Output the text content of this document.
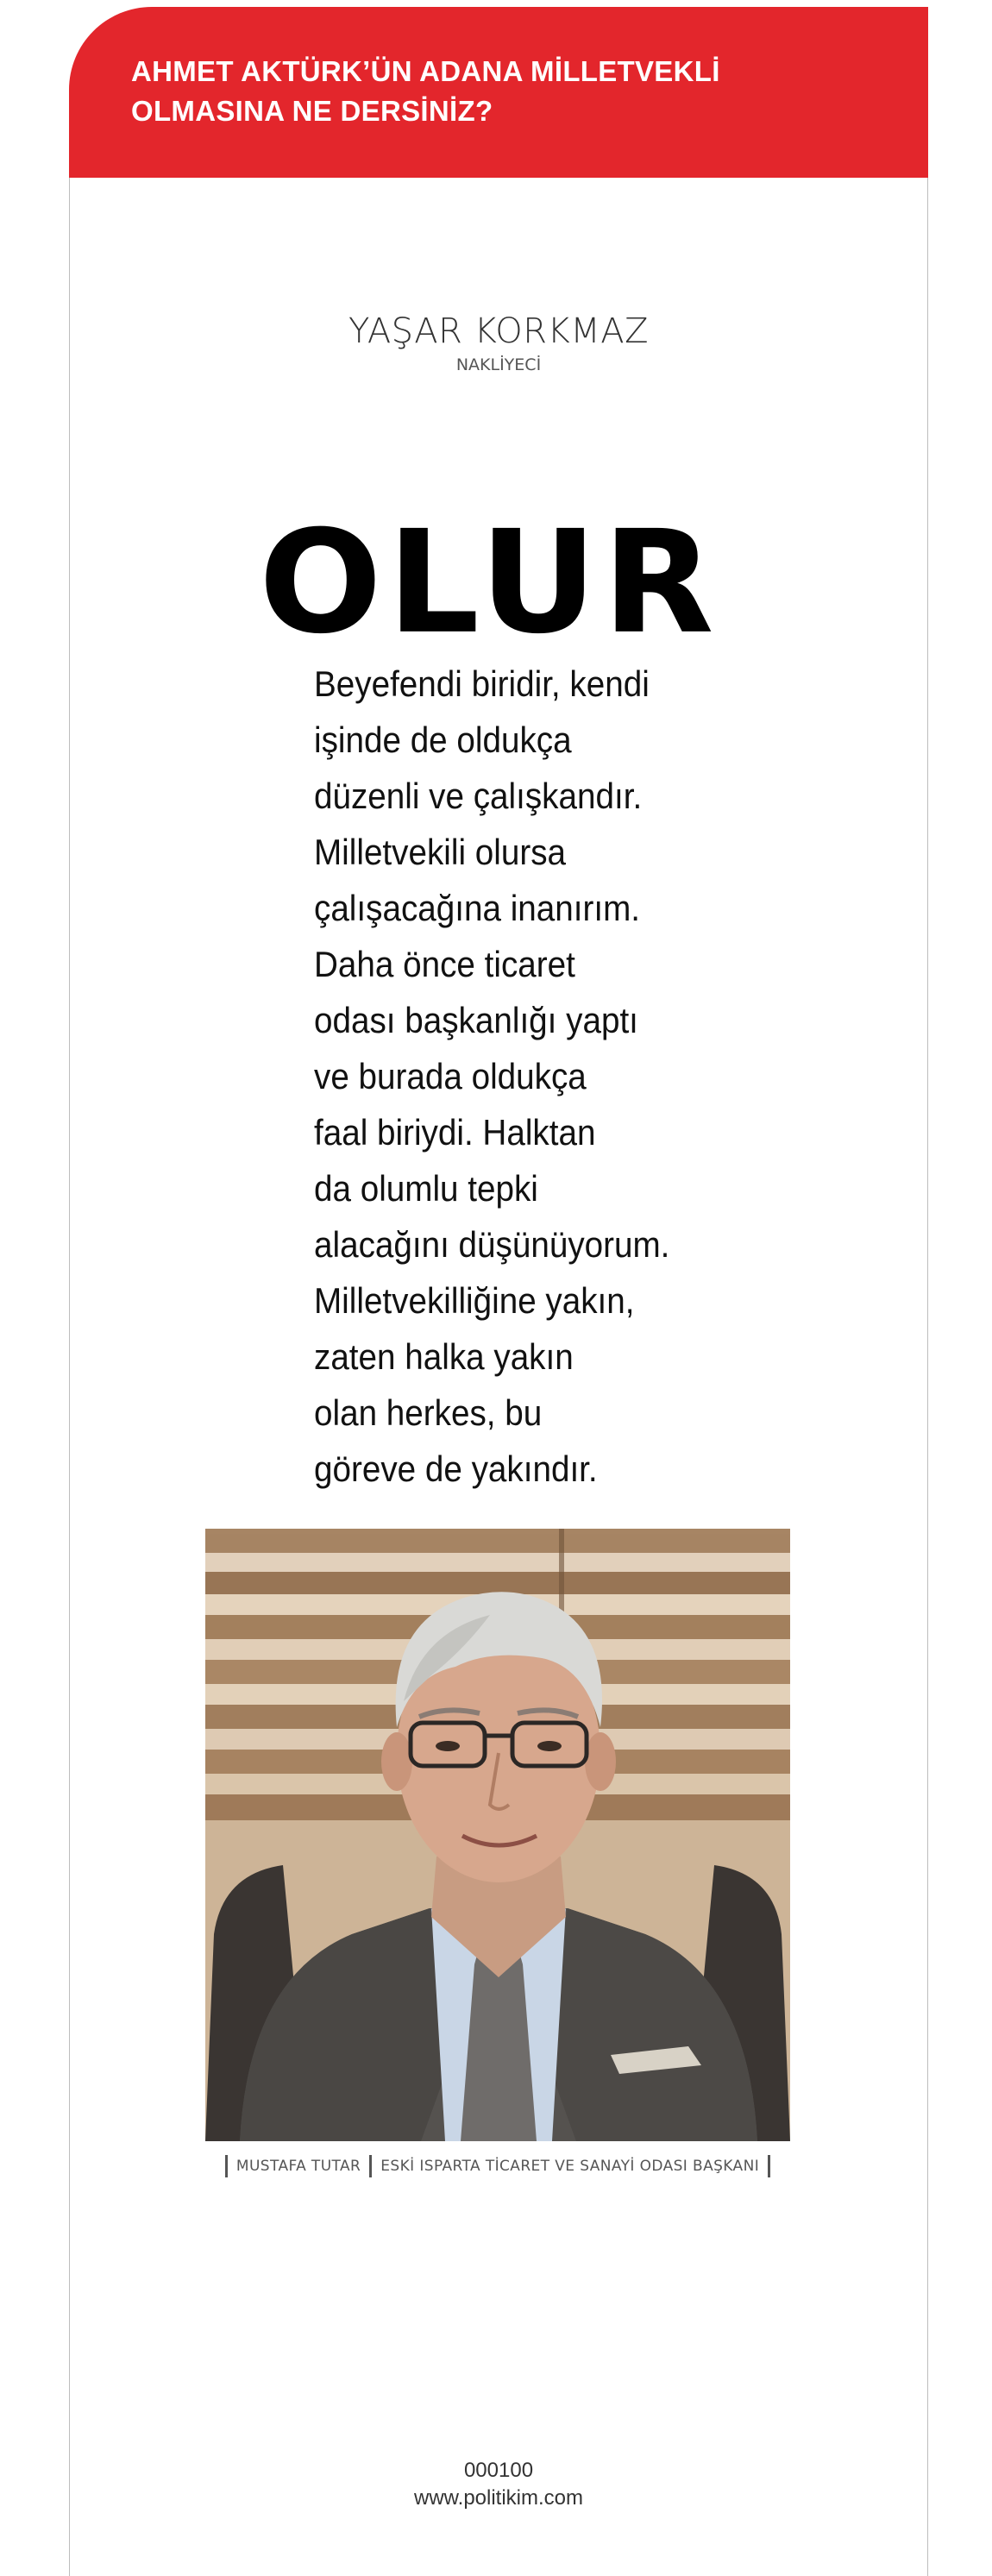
AHMET AKTÜRK’ÜN ADANA MİLLETVEKLİ
OLMASINA NE DERSİNİZ?
YAŞAR KORKMAZ
NAKLİYECİ
OLUR
Beyefendi biridir, kendi
işinde de oldukça
düzenli ve çalışkandır.
Milletvekili olursa
çalışacağına inanırım.
Daha önce ticaret
odası başkanlığı yaptı
ve burada oldukça
faal biriydi. Halktan
da olumlu tepki
alacağını düşünüyorum.
Milletvekilliğine yakın,
zaten halka yakın
olan herkes, bu
göreve de yakındır.
MUSTAFA TUTAR ESKİ ISPARTA TİCARET VE SANAYİ ODASI BAŞKANI
000100
www.politikim.com
